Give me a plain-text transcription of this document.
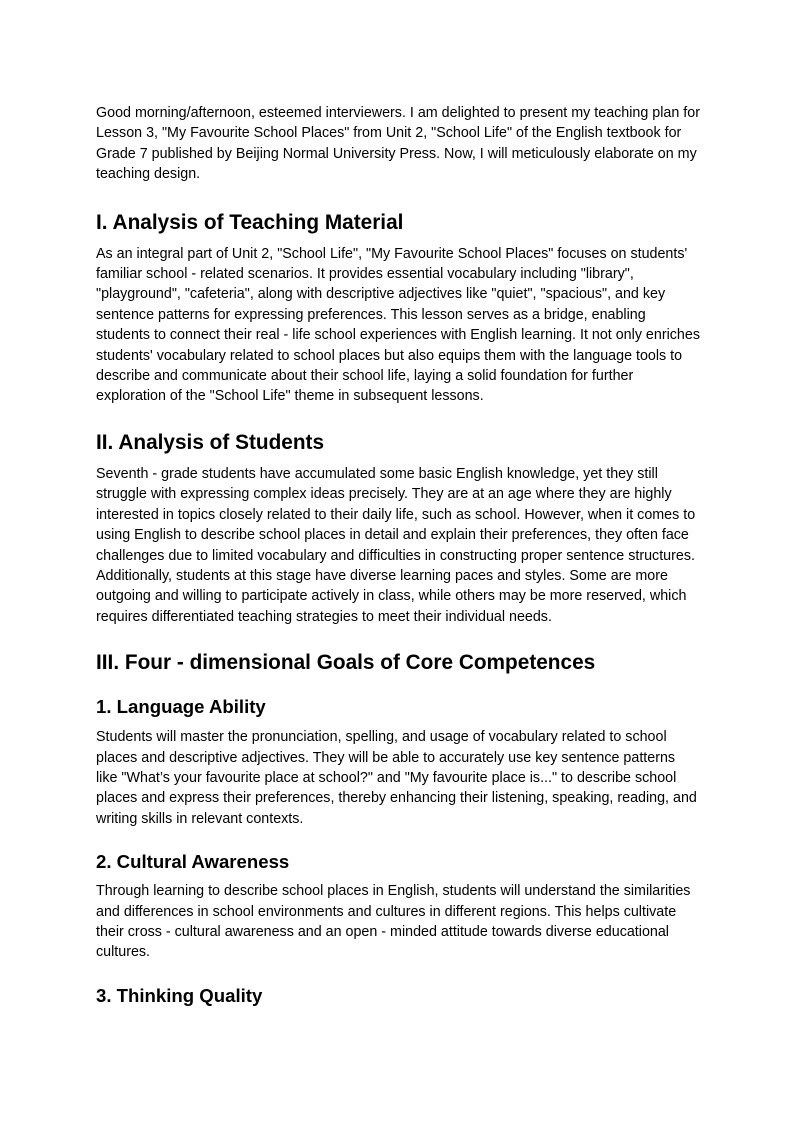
Good morning/afternoon, esteemed interviewers. I am delighted to present my teaching plan for Lesson 3, "My Favourite School Places" from Unit 2, "School Life" of the English textbook for Grade 7 published by Beijing Normal University Press. Now, I will meticulously elaborate on my teaching design.

I. Analysis of Teaching Material

As an integral part of Unit 2, "School Life", "My Favourite School Places" focuses on students' familiar school - related scenarios. It provides essential vocabulary including "library", "playground", "cafeteria", along with descriptive adjectives like "quiet", "spacious", and key sentence patterns for expressing preferences. This lesson serves as a bridge, enabling students to connect their real - life school experiences with English learning. It not only enriches students' vocabulary related to school places but also equips them with the language tools to describe and communicate about their school life, laying a solid foundation for further exploration of the "School Life" theme in subsequent lessons.

II. Analysis of Students

Seventh - grade students have accumulated some basic English knowledge, yet they still struggle with expressing complex ideas precisely. They are at an age where they are highly interested in topics closely related to their daily life, such as school. However, when it comes to using English to describe school places in detail and explain their preferences, they often face challenges due to limited vocabulary and difficulties in constructing proper sentence structures. Additionally, students at this stage have diverse learning paces and styles. Some are more outgoing and willing to participate actively in class, while others may be more reserved, which requires differentiated teaching strategies to meet their individual needs.

III. Four - dimensional Goals of Core Competences
1. Language Ability

Students will master the pronunciation, spelling, and usage of vocabulary related to school places and descriptive adjectives. They will be able to accurately use key sentence patterns like "What’s your favourite place at school?" and "My favourite place is..." to describe school places and express their preferences, thereby enhancing their listening, speaking, reading, and writing skills in relevant contexts.

2. Cultural Awareness

Through learning to describe school places in English, students will understand the similarities and differences in school environments and cultures in different regions. This helps cultivate their cross - cultural awareness and an open - minded attitude towards diverse educational cultures.

3. Thinking Quality
